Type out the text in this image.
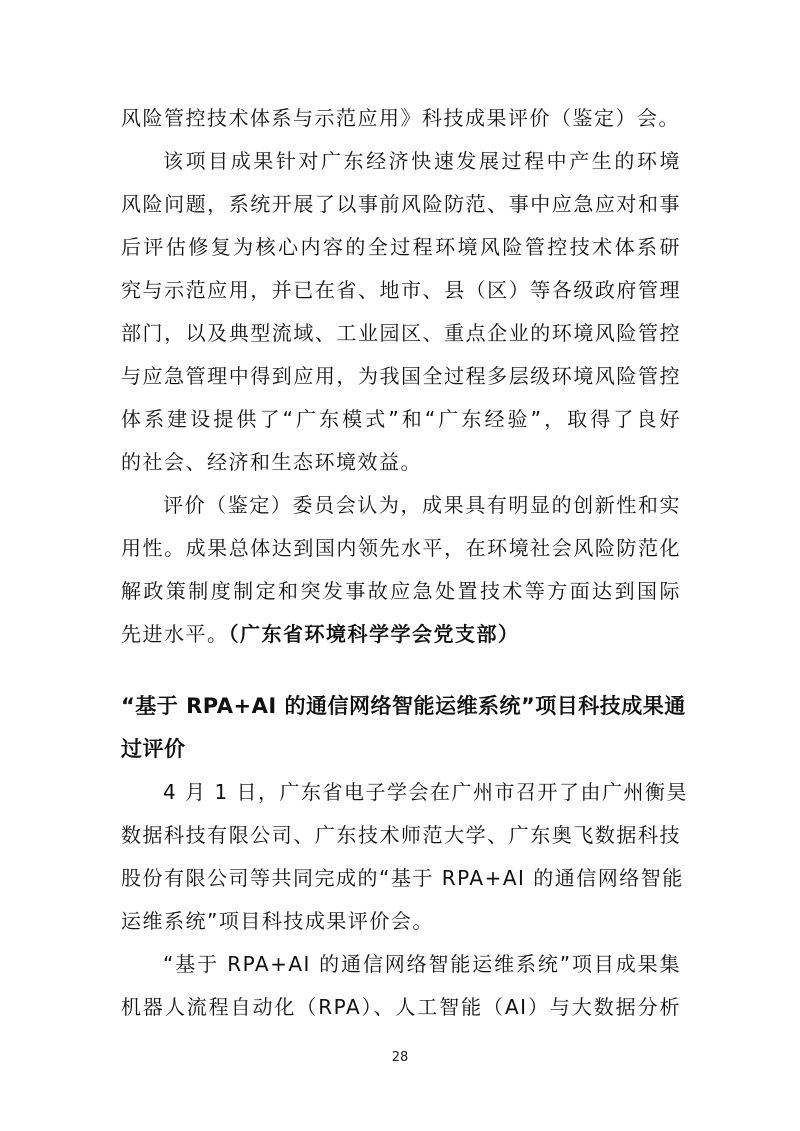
风险管控技术体系与示范应用》科技成果评价（鉴定）会。
该项目成果针对广东经济快速发展过程中产生的环境
风险问题，系统开展了以事前风险防范、事中应急应对和事
后评估修复为核心内容的全过程环境风险管控技术体系研
究与示范应用，并已在省、地市、县（区）等各级政府管理
部门，以及典型流域、工业园区、重点企业的环境风险管控
与应急管理中得到应用，为我国全过程多层级环境风险管控
体系建设提供了“广东模式”和“广东经验”，取得了良好
的社会、经济和生态环境效益。
评价（鉴定）委员会认为，成果具有明显的创新性和实
用性。成果总体达到国内领先水平，在环境社会风险防范化
解政策制度制定和突发事故应急处置技术等方面达到国际
先进水平。（广东省环境科学学会党支部）
“基于 RPA+AI 的通信网络智能运维系统”项目科技成果通
过评价
4 月 1 日，广东省电子学会在广州市召开了由广州衡昊
数据科技有限公司、广东技术师范大学、广东奥飞数据科技
股份有限公司等共同完成的“基于 RPA+AI 的通信网络智能
运维系统”项目科技成果评价会。
“基于 RPA+AI 的通信网络智能运维系统”项目成果集
机器人流程自动化（RPA）、人工智能（AI）与大数据分析
28
